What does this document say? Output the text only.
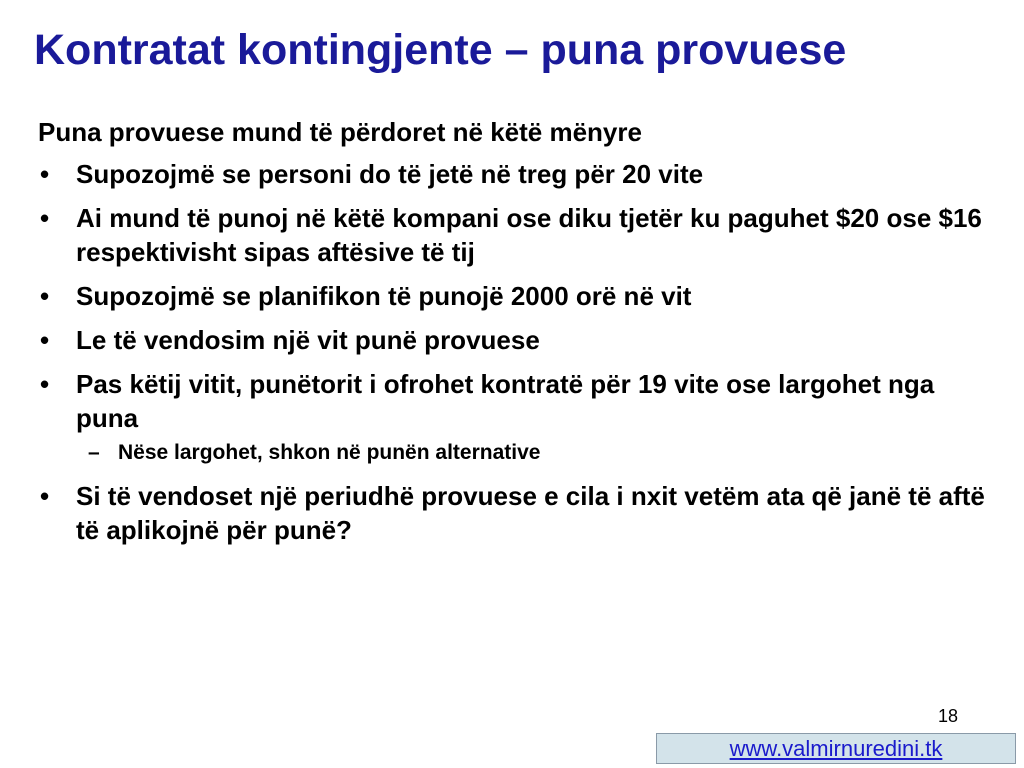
Kontratat kontingjente – puna provuese
Puna provuese mund të përdoret në këtë mënyre
• Supozojmë se personi do të jetë në treg për 20 vite
• Ai mund të punoj në këtë kompani ose diku tjetër ku paguhet $20 ose $16 respektivisht sipas aftësive të tij
• Supozojmë se planifikon të punojë 2000 orë në vit
• Le të vendosim një vit punë provuese
• Pas këtij vitit, punëtorit i ofrohet kontratë për 19 vite ose largohet nga puna
– Nëse largohet, shkon në punën alternative
• Si të vendoset një periudhë provuese e cila i nxit vetëm ata që janë të aftë të aplikojnë për punë?
18
www.valmirnuredini.tk
